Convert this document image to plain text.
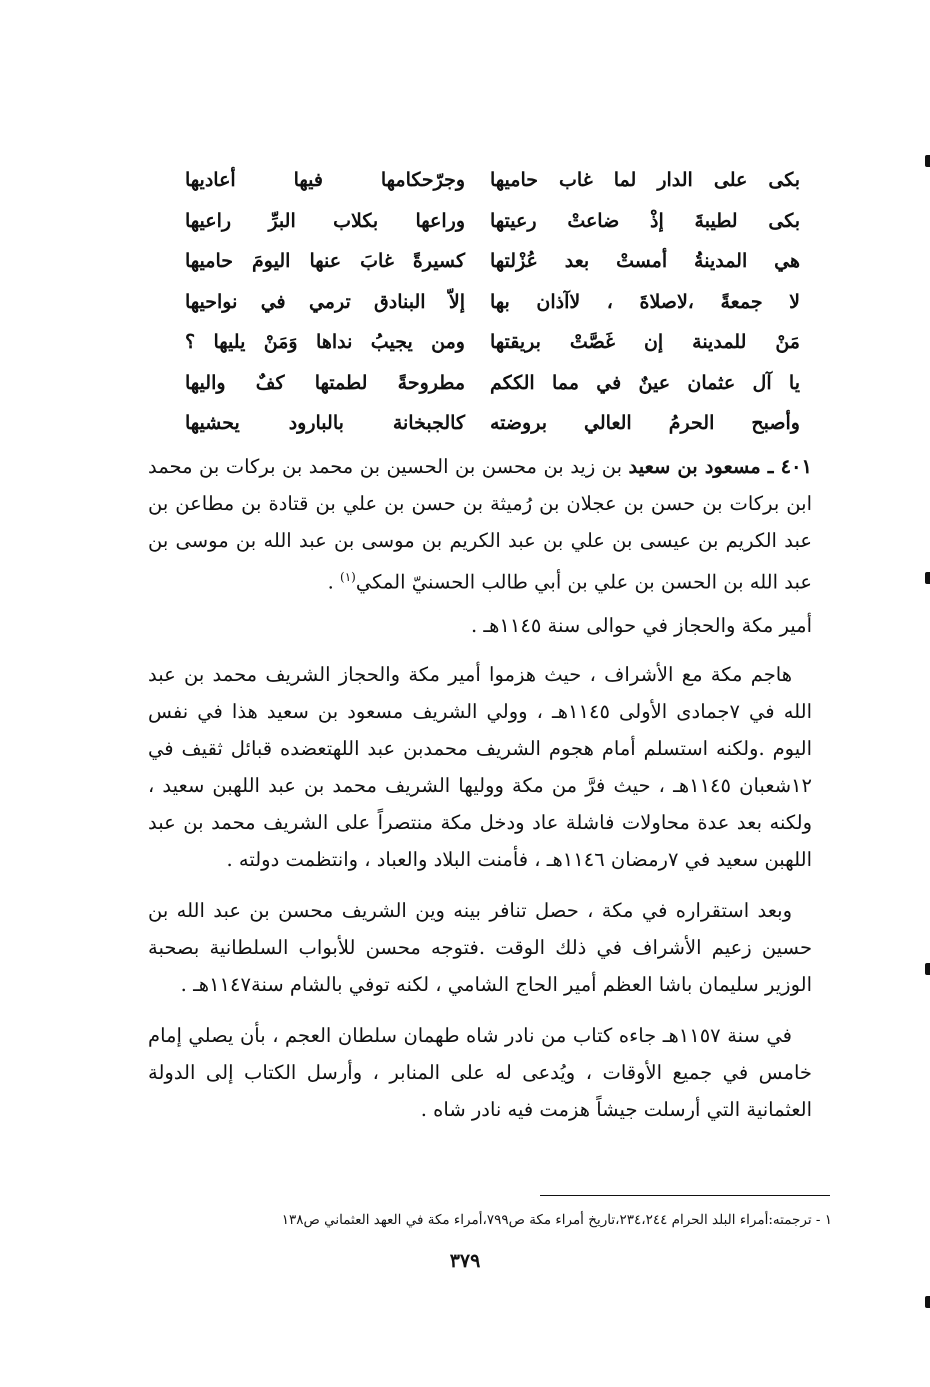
بكى على الدار لما غاب حاميها
وجرّحكامها فيها أعاديها
بكى لطيبةَ إذْ ضاعتْ رعيتها
وراعها بكلاب البرِّ راعيها
هي المدينةُ أمستْ بعد عُزْلتها
كسيرةً غابَ عنها اليومَ حاميها
لا جمعةً ،لاصلاةَ ، لاآذان بها
إلاّ البنادق ترمي في نواحيها
مَنْ للمدينة إن غَصَّتْ بريقتها
ومن يجيبُ نداها وَمَنْ يليها ؟
يا آل عثمان عينٌ في مما الككم
مطروحةً لطمتها كفٌ واليها
وأصبح الحرمُ العالي بروضته
كالجبخانة بالبارود يحشيها

٤٠١ ـ مسعود بن سعيد بن زيد بن محسن بن الحسين بن محمد بن بركات بن محمد ابن بركات بن حسن بن عجلان بن رُميثة بن حسن بن علي بن قتادة بن مطاعن بن عبد الكريم بن عيسى بن علي بن عبد الكريم بن موسى بن عبد الله بن موسى بن عبد الله بن الحسن بن علي بن أبي طالب الحسنيّ المكي$^{(١)}$ .

أمير مكة والحجاز في حوالى سنة ١١٤٥هـ .

هاجم مكة مع الأشراف ، حيث هزموا أمير مكة والحجاز الشريف محمد بن عبد الله في ٧جمادى الأولى ١١٤٥هـ ، وولي الشريف مسعود بن سعيد هذا في نفس اليوم .ولكنه استسلم أمام هجوم الشريف محمدبن عبد اللهتعضده قبائل ثقيف في ١٢شعبان ١١٤٥هـ ، حيث فرَّ من مكة ووليها الشريف محمد بن عبد اللهبن سعيد ، ولكنه بعد عدة محاولات فاشلة عاد ودخل مكة منتصراً على الشريف محمد بن عبد اللهبن سعيد في ٧رمضان ١١٤٦هـ ، فأمنت البلاد والعباد ، وانتظمت دولته .

وبعد استقراره في مكة ، حصل تنافر بينه وين الشريف محسن بن عبد الله بن حسين زعيم الأشراف في ذلك الوقت .فتوجه محسن للأبواب السلطانية بصحبة الوزير سليمان باشا العظم أمير الحاج الشامي ، لكنه توفي بالشام سنة١١٤٧هـ .

في سنة ١١٥٧هـ جاءه كتاب من نادر شاه طهمان سلطان العجم ، بأن يصلي إمام خامس في جميع الأوقات ، ويُدعى له على المنابر ، وأرسل الكتاب إلى الدولة العثمانية التي أرسلت جيشاً هزمت فيه نادر شاه .

١ - ترجمته:أمراء البلد الحرام ٢٣٤،٢٤٤،تاريخ أمراء مكة ص٧٩٩،أمراء مكة في العهد العثماني ص١٣٨
٣٧٩
